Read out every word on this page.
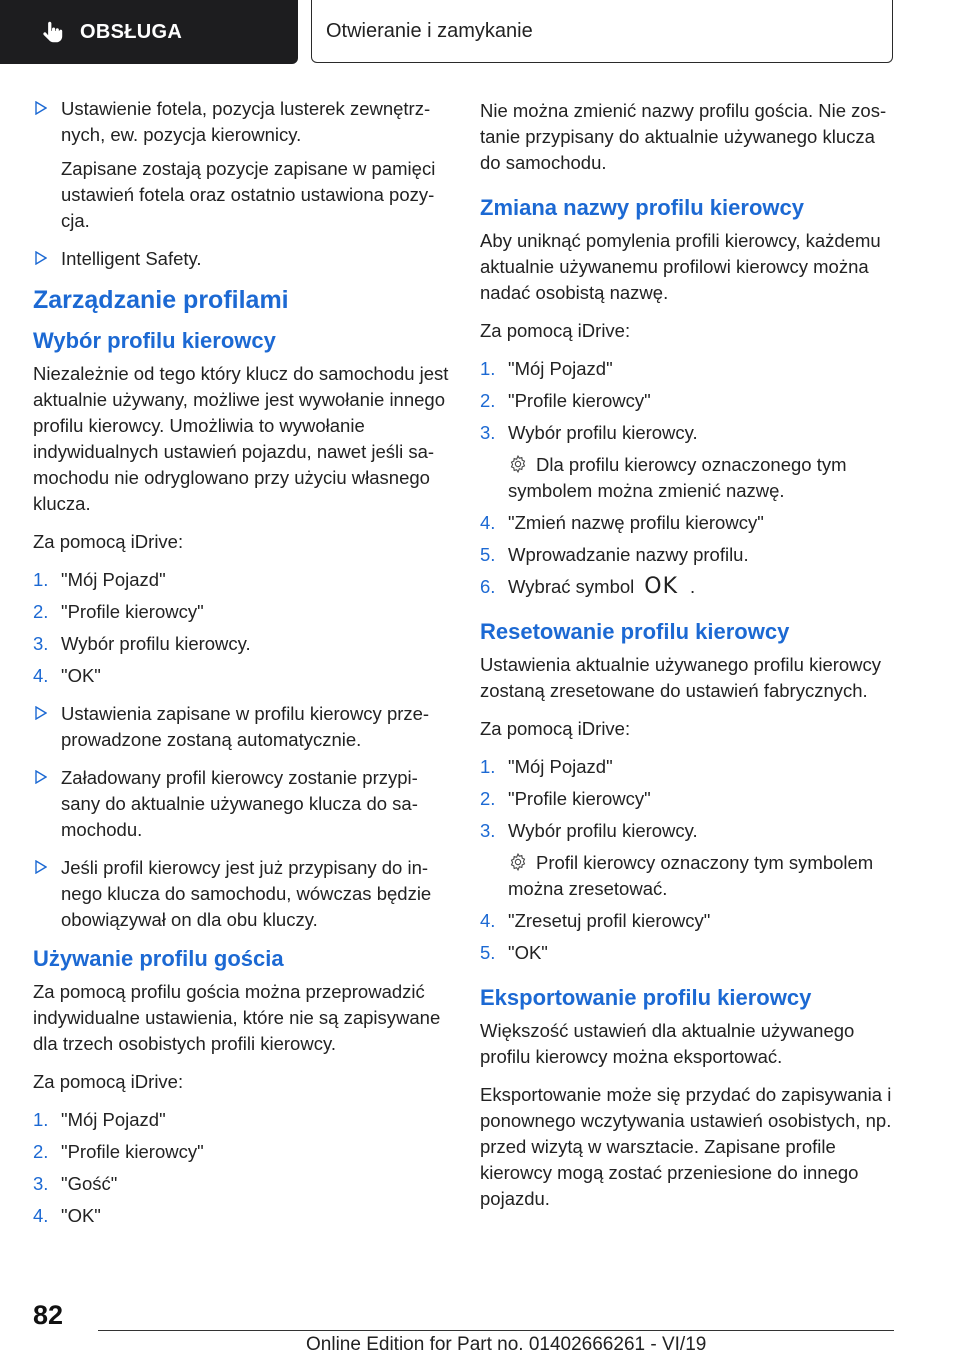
OBSŁUGA	Otwieranie i zamykanie
Ustawienie fotela, pozycja lusterek zewnętrz-nych, ew. pozycja kierownicy.
Zapisane zostają pozycje zapisane w pamięci ustawień fotela oraz ostatnio ustawiona pozy-cja.
Intelligent Safety.
Zarządzanie profilami
Wybór profilu kierowcy

Niezależnie od tego który klucz do samochodu jest aktualnie używany, możliwe jest wywołanie innego profilu kierowcy. Umożliwia to wywołanie indywidualnych ustawień pojazdu, nawet jeśli sa-mochodu nie odryglowano przy użyciu własnego klucza.

Za pomocą iDrive:

1. "Mój Pojazd"
2. "Profile kierowcy"
3. Wybór profilu kierowcy.
4. "OK"
Ustawienia zapisane w profilu kierowcy prze-prowadzone zostaną automatycznie.
Załadowany profil kierowcy zostanie przypi-sany do aktualnie używanego klucza do sa-mochodu.
Jeśli profil kierowcy jest już przypisany do in-nego klucza do samochodu, wówczas będzie obowiązywał on dla obu kluczy.
Używanie profilu gościa

Za pomocą profilu gościa można przeprowadzić indywidualne ustawienia, które nie są zapisywane dla trzech osobistych profili kierowcy.

Za pomocą iDrive:

1. "Mój Pojazd"
2. "Profile kierowcy"
3. "Gość"
4. "OK"

Nie można zmienić nazwy profilu gościa. Nie zos-tanie przypisany do aktualnie używanego klucza do samochodu.

Zmiana nazwy profilu kierowcy

Aby uniknąć pomylenia profili kierowcy, każdemu aktualnie używanemu profilowi kierowcy można nadać osobistą nazwę.

Za pomocą iDrive:

1. "Mój Pojazd"
2. "Profile kierowcy"
3. Wybór profilu kierowcy.
Dla profilu kierowcy oznaczonego tym symbolem można zmienić nazwę.
4. "Zmień nazwę profilu kierowcy"
5. Wprowadzanie nazwy profilu.
6. Wybrać symbol OK .
Resetowanie profilu kierowcy

Ustawienia aktualnie używanego profilu kierowcy zostaną zresetowane do ustawień fabrycznych.

Za pomocą iDrive:

1. "Mój Pojazd"
2. "Profile kierowcy"
3. Wybór profilu kierowcy.
Profil kierowcy oznaczony tym symbolem można zresetować.
4. "Zresetuj profil kierowcy"
5. "OK"
Eksportowanie profilu kierowcy

Większość ustawień dla aktualnie używanego profilu kierowcy można eksportować.

Eksportowanie może się przydać do zapisywania i ponownego wczytywania ustawień osobistych, np. przed wizytą w warsztacie. Zapisane profile kierowcy mogą zostać przeniesione do innego pojazdu.

82
Online Edition for Part no. 01402666261 - VI/19
